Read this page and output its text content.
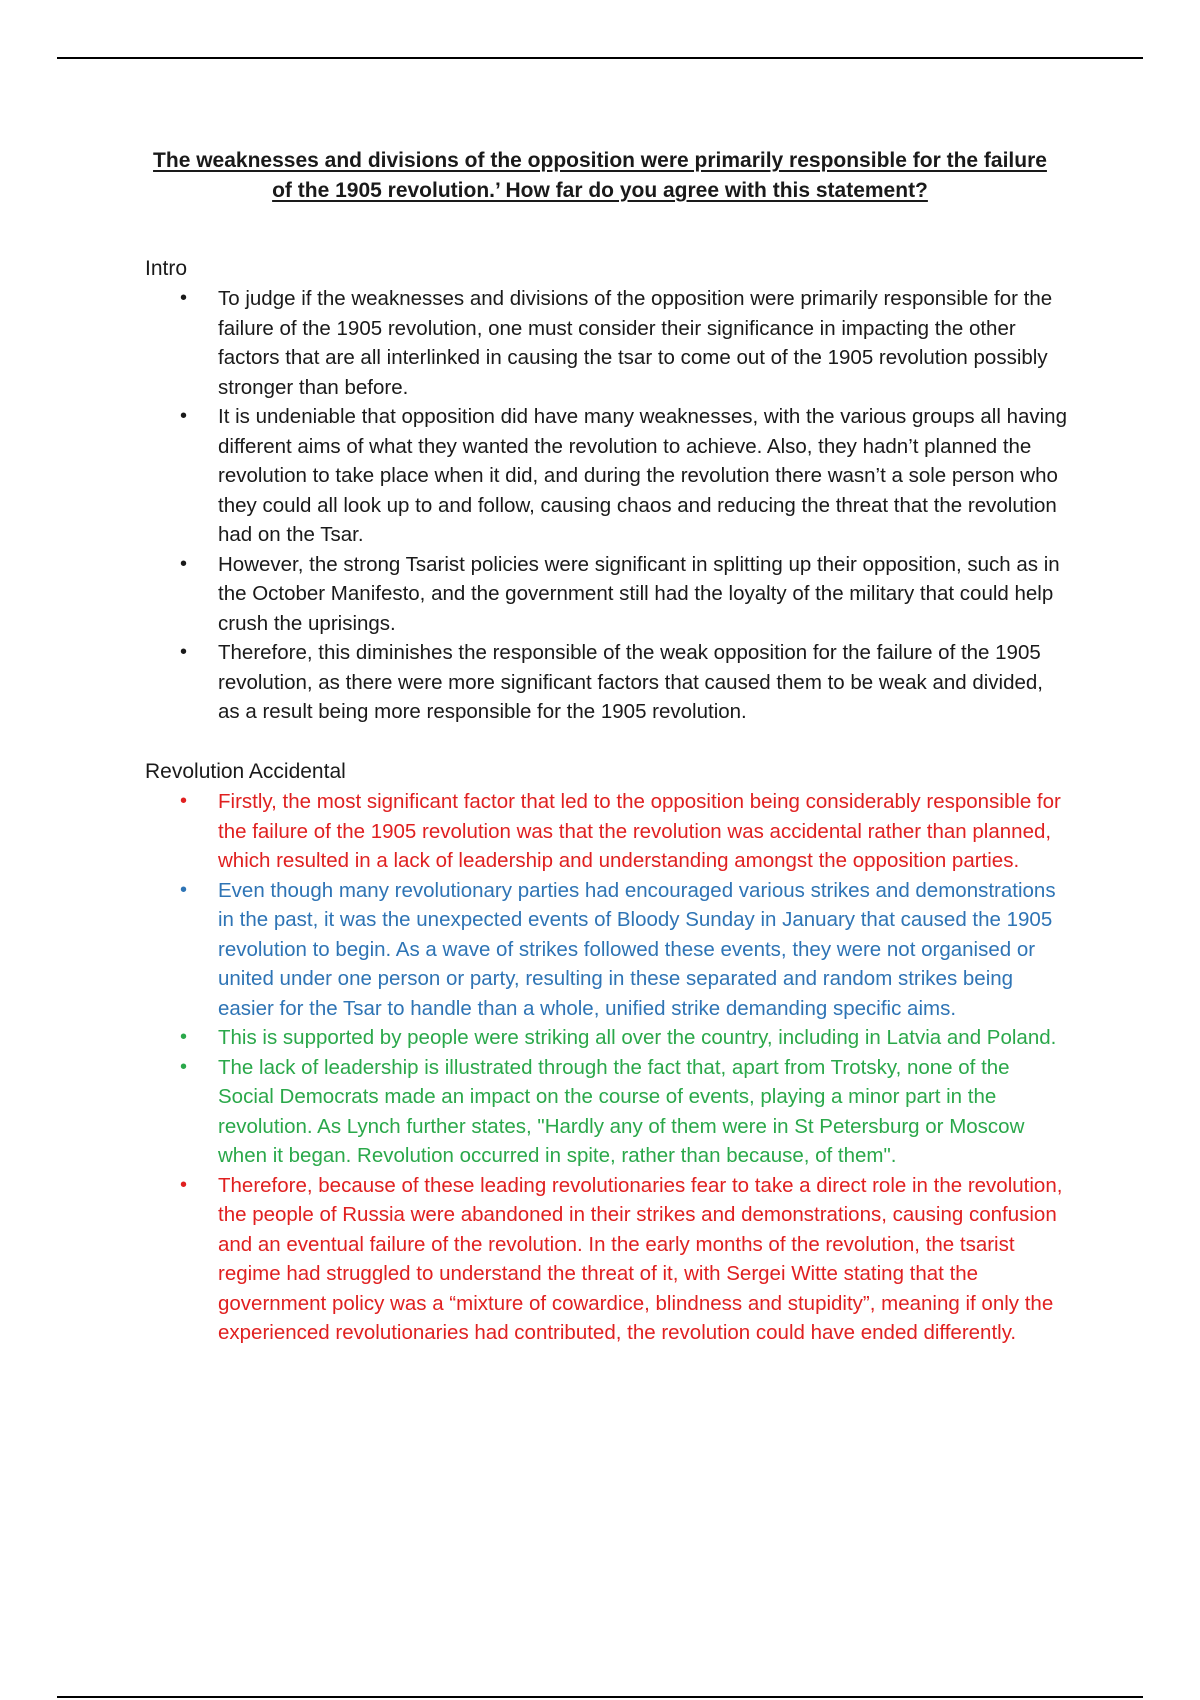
The weaknesses and divisions of the opposition were primarily responsible for the failure of the 1905 revolution.’ How far do you agree with this statement?
Intro
• To judge if the weaknesses and divisions of the opposition were primarily responsible for the failure of the 1905 revolution, one must consider their significance in impacting the other factors that are all interlinked in causing the tsar to come out of the 1905 revolution possibly stronger than before.
• It is undeniable that opposition did have many weaknesses, with the various groups all having different aims of what they wanted the revolution to achieve. Also, they hadn’t planned the revolution to take place when it did, and during the revolution there wasn’t a sole person who they could all look up to and follow, causing chaos and reducing the threat that the revolution had on the Tsar.
• However, the strong Tsarist policies were significant in splitting up their opposition, such as in the October Manifesto, and the government still had the loyalty of the military that could help crush the uprisings.
• Therefore, this diminishes the responsible of the weak opposition for the failure of the 1905 revolution, as there were more significant factors that caused them to be weak and divided, as a result being more responsible for the 1905 revolution.
Revolution Accidental
• Firstly, the most significant factor that led to the opposition being considerably responsible for the failure of the 1905 revolution was that the revolution was accidental rather than planned, which resulted in a lack of leadership and understanding amongst the opposition parties.
• Even though many revolutionary parties had encouraged various strikes and demonstrations in the past, it was the unexpected events of Bloody Sunday in January that caused the 1905 revolution to begin. As a wave of strikes followed these events, they were not organised or united under one person or party, resulting in these separated and random strikes being easier for the Tsar to handle than a whole, unified strike demanding specific aims.
• This is supported by people were striking all over the country, including in Latvia and Poland.
• The lack of leadership is illustrated through the fact that, apart from Trotsky, none of the Social Democrats made an impact on the course of events, playing a minor part in the revolution. As Lynch further states, "Hardly any of them were in St Petersburg or Moscow when it began. Revolution occurred in spite, rather than because, of them".
• Therefore, because of these leading revolutionaries fear to take a direct role in the revolution, the people of Russia were abandoned in their strikes and demonstrations, causing confusion and an eventual failure of the revolution. In the early months of the revolution, the tsarist regime had struggled to understand the threat of it, with Sergei Witte stating that the government policy was a “mixture of cowardice, blindness and stupidity”, meaning if only the experienced revolutionaries had contributed, the revolution could have ended differently.
